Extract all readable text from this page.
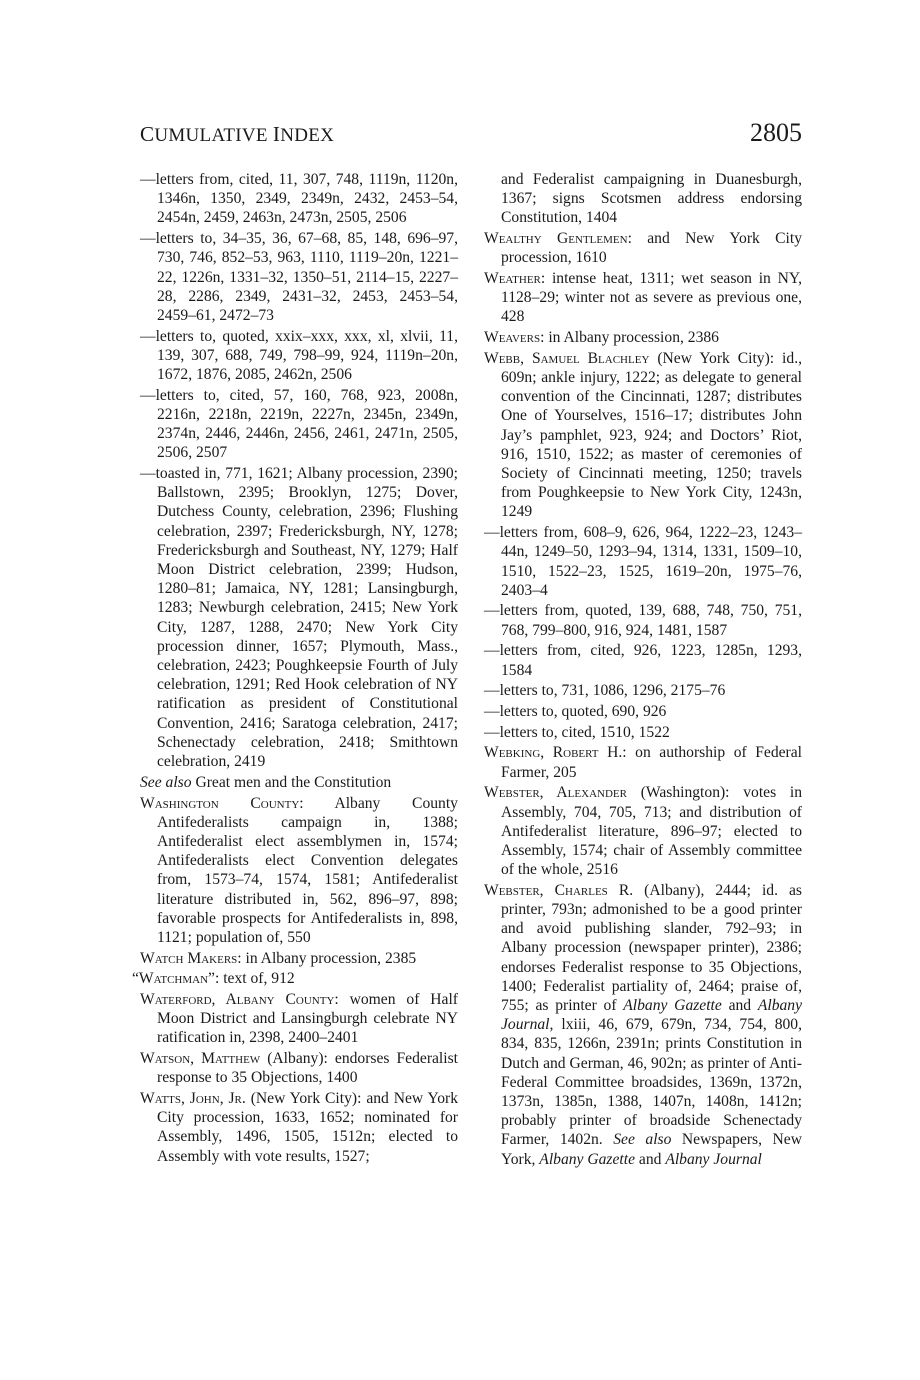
CUMULATIVE INDEX	2805

—letters from, cited, 11, 307, 748, 1119n, 1120n, 1346n, 1350, 2349, 2349n, 2432, 2453–54, 2454n, 2459, 2463n, 2473n, 2505, 2506

—letters to, 34–35, 36, 67–68, 85, 148, 696–97, 730, 746, 852–53, 963, 1110, 1119–20n, 1221–22, 1226n, 1331–32, 1350–51, 2114–15, 2227–28, 2286, 2349, 2431–32, 2453, 2453–54, 2459–61, 2472–73

—letters to, quoted, xxix–xxx, xxx, xl, xlvii, 11, 139, 307, 688, 749, 798–99, 924, 1119n–20n, 1672, 1876, 2085, 2462n, 2506

—letters to, cited, 57, 160, 768, 923, 2008n, 2216n, 2218n, 2219n, 2227n, 2345n, 2349n, 2374n, 2446, 2446n, 2456, 2461, 2471n, 2505, 2506, 2507

—toasted in, 771, 1621; Albany procession, 2390; Ballstown, 2395; Brooklyn, 1275; Dover, Dutchess County, celebration, 2396; Flushing celebration, 2397; Fredericksburgh, NY, 1278; Fredericksburgh and Southeast, NY, 1279; Half Moon District celebration, 2399; Hudson, 1280–81; Jamaica, NY, 1281; Lansingburgh, 1283; Newburgh celebration, 2415; New York City, 1287, 1288, 2470; New York City procession dinner, 1657; Plymouth, Mass., celebration, 2423; Poughkeepsie Fourth of July celebration, 1291; Red Hook celebration of NY ratification as president of Constitutional Convention, 2416; Saratoga celebration, 2417; Schenectady celebration, 2418; Smithtown celebration, 2419

See also Great men and the Constitution

Washington County: Albany County Antifederalists campaign in, 1388; Antifederalist elect assemblymen in, 1574; Antifederalists elect Convention delegates from, 1573–74, 1574, 1581; Antifederalist literature distributed in, 562, 896–97, 898; favorable prospects for Antifederalists in, 898, 1121; population of, 550

Watch Makers: in Albany procession, 2385

“Watchman”: text of, 912

Waterford, Albany County: women of Half Moon District and Lansingburgh celebrate NY ratification in, 2398, 2400–2401

Watson, Matthew (Albany): endorses Federalist response to 35 Objections, 1400

Watts, John, Jr. (New York City): and New York City procession, 1633, 1652; nominated for Assembly, 1496, 1505, 1512n; elected to Assembly with vote results, 1527;

and Federalist campaigning in Duanesburgh, 1367; signs Scotsmen address endorsing Constitution, 1404

Wealthy Gentlemen: and New York City procession, 1610

Weather: intense heat, 1311; wet season in NY, 1128–29; winter not as severe as previous one, 428

Weavers: in Albany procession, 2386

Webb, Samuel Blachley (New York City): id., 609n; ankle injury, 1222; as delegate to general convention of the Cincinnati, 1287; distributes One of Yourselves, 1516–17; distributes John Jay’s pamphlet, 923, 924; and Doctors’ Riot, 916, 1510, 1522; as master of ceremonies of Society of Cincinnati meeting, 1250; travels from Poughkeepsie to New York City, 1243n, 1249

—letters from, 608–9, 626, 964, 1222–23, 1243–44n, 1249–50, 1293–94, 1314, 1331, 1509–10, 1510, 1522–23, 1525, 1619–20n, 1975–76, 2403–4

—letters from, quoted, 139, 688, 748, 750, 751, 768, 799–800, 916, 924, 1481, 1587

—letters from, cited, 926, 1223, 1285n, 1293, 1584

—letters to, 731, 1086, 1296, 2175–76

—letters to, quoted, 690, 926

—letters to, cited, 1510, 1522

Webking, Robert H.: on authorship of Federal Farmer, 205

Webster, Alexander (Washington): votes in Assembly, 704, 705, 713; and distribution of Antifederalist literature, 896–97; elected to Assembly, 1574; chair of Assembly committee of the whole, 2516

Webster, Charles R. (Albany), 2444; id. as printer, 793n; admonished to be a good printer and avoid publishing slander, 792–93; in Albany procession (newspaper printer), 2386; endorses Federalist response to 35 Objections, 1400; Federalist partiality of, 2464; praise of, 755; as printer of Albany Gazette and Albany Journal, lxiii, 46, 679, 679n, 734, 754, 800, 834, 835, 1266n, 2391n; prints Constitution in Dutch and German, 46, 902n; as printer of Anti-Federal Committee broadsides, 1369n, 1372n, 1373n, 1385n, 1388, 1407n, 1408n, 1412n; probably printer of broadside Schenectady Farmer, 1402n. See also Newspapers, New York, Albany Gazette and Albany Journal
